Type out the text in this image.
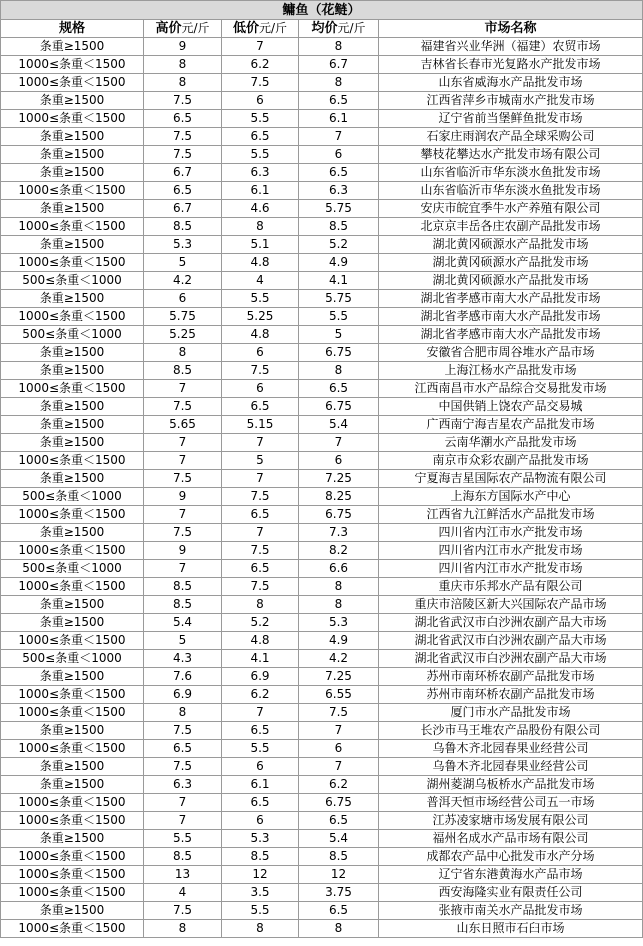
鳙鱼（花鲢）				
规格	高价元/斤	低价元/斤	均价元/斤	市场名称
条重≥1500	9	7	8	福建省兴业华洲（福建）农贸市场
1000≤条重＜1500	8	6.2	6.7	吉林省长春市光复路水产批发市场
1000≤条重＜1500	8	7.5	8	山东省威海水产品批发市场
条重≥1500	7.5	6	6.5	江西省萍乡市城南水产批发市场
1000≤条重＜1500	6.5	5.5	6.1	辽宁省前当堡鲜鱼批发市场
条重≥1500	7.5	6.5	7	石家庄雨润农产品全球采购公司
条重≥1500	7.5	5.5	6	攀枝花攀达水产批发市场有限公司
条重≥1500	6.7	6.3	6.5	山东省临沂市华东淡水鱼批发市场
1000≤条重＜1500	6.5	6.1	6.3	山东省临沂市华东淡水鱼批发市场
条重≥1500	6.7	4.6	5.75	安庆市皖宜季牛水产养殖有限公司
1000≤条重＜1500	8.5	8	8.5	北京京丰岳各庄农副产品批发市场
条重≥1500	5.3	5.1	5.2	湖北黄冈硕源水产品批发市场
1000≤条重＜1500	5	4.8	4.9	湖北黄冈硕源水产品批发市场
500≤条重＜1000	4.2	4	4.1	湖北黄冈硕源水产品批发市场
条重≥1500	6	5.5	5.75	湖北省孝感市南大水产品批发市场
1000≤条重＜1500	5.75	5.25	5.5	湖北省孝感市南大水产品批发市场
500≤条重＜1000	5.25	4.8	5	湖北省孝感市南大水产品批发市场
条重≥1500	8	6	6.75	安徽省合肥市周谷堆水产品市场
条重≥1500	8.5	7.5	8	上海江杨水产品批发市场
1000≤条重＜1500	7	6	6.5	江西南昌市水产品综合交易批发市场
条重≥1500	7.5	6.5	6.75	中国供销上饶农产品交易城
条重≥1500	5.65	5.15	5.4	广西南宁海吉星农产品批发市场
条重≥1500	7	7	7	云南华潮水产品批发市场
1000≤条重＜1500	7	5	6	南京市众彩农副产品批发市场
条重≥1500	7.5	7	7.25	宁夏海吉星国际农产品物流有限公司
500≤条重＜1000	9	7.5	8.25	上海东方国际水产中心
1000≤条重＜1500	7	6.5	6.75	江西省九江鲜活水产品批发市场
条重≥1500	7.5	7	7.3	四川省内江市水产批发市场
1000≤条重＜1500	9	7.5	8.2	四川省内江市水产批发市场
500≤条重＜1000	7	6.5	6.6	四川省内江市水产批发市场
1000≤条重＜1500	8.5	7.5	8	重庆市乐邦水产品有限公司
条重≥1500	8.5	8	8	重庆市涪陵区新大兴国际农产品市场
条重≥1500	5.4	5.2	5.3	湖北省武汉市白沙洲农副产品大市场
1000≤条重＜1500	5	4.8	4.9	湖北省武汉市白沙洲农副产品大市场
500≤条重＜1000	4.3	4.1	4.2	湖北省武汉市白沙洲农副产品大市场
条重≥1500	7.6	6.9	7.25	苏州市南环桥农副产品批发市场
1000≤条重＜1500	6.9	6.2	6.55	苏州市南环桥农副产品批发市场
1000≤条重＜1500	8	7	7.5	厦门市水产品批发市场
条重≥1500	7.5	6.5	7	长沙市马王堆农产品股份有限公司
1000≤条重＜1500	6.5	5.5	6	乌鲁木齐北园春果业经营公司
条重≥1500	7.5	6	7	乌鲁木齐北园春果业经营公司
条重≥1500	6.3	6.1	6.2	湖州菱湖乌板桥水产品批发市场
1000≤条重＜1500	7	6.5	6.75	普洱天恒市场经营公司五一市场
1000≤条重＜1500	7	6	6.5	江苏凌家塘市场发展有限公司
条重≥1500	5.5	5.3	5.4	福州名成水产品市场有限公司
1000≤条重＜1500	8.5	8.5	8.5	成都农产品中心批发市水产分场
1000≤条重＜1500	13	12	12	辽宁省东港黄海水产品市场
1000≤条重＜1500	4	3.5	3.75	西安海隆实业有限责任公司
条重≥1500	7.5	5.5	6.5	张掖市南关水产品批发市场
1000≤条重＜1500	8	8	8	山东日照市石臼市场
